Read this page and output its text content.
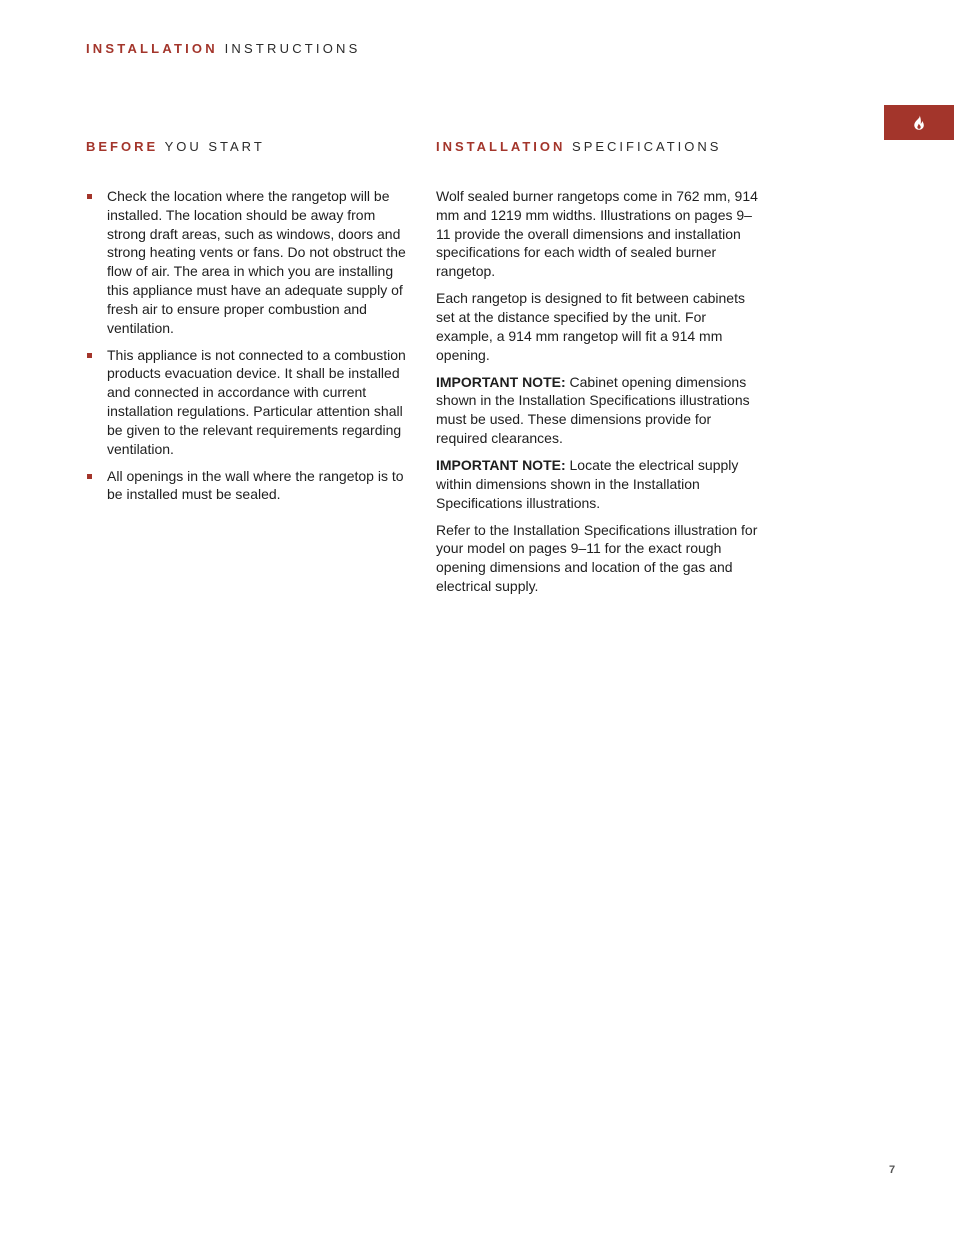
INSTALLATION INSTRUCTIONS
BEFORE YOU START
Check the location where the rangetop will be installed. The location should be away from strong draft areas, such as windows, doors and strong heating vents or fans. Do not obstruct the flow of air. The area in which you are installing this appliance must have an adequate supply of fresh air to ensure proper combustion and ventilation.
This appliance is not connected to a combustion products evacuation device. It shall be installed and connected in accordance with current installation regulations. Particular attention shall be given to the relevant requirements regarding ventilation.
All openings in the wall where the rangetop is to be installed must be sealed.
INSTALLATION SPECIFICATIONS

Wolf sealed burner rangetops come in 762 mm, 914 mm and 1219 mm widths. Illustrations on pages 9–11 provide the overall dimensions and installation specifications for each width of sealed burner rangetop.

Each rangetop is designed to fit between cabinets set at the distance specified by the unit. For example, a 914 mm rangetop will fit a 914 mm opening.

IMPORTANT NOTE: Cabinet opening dimensions shown in the Installation Specifications illustrations must be used. These dimensions provide for required clearances.

IMPORTANT NOTE: Locate the electrical supply within dimensions shown in the Installation Specifications illustrations.

Refer to the Installation Specifications illustration for your model on pages 9–11 for the exact rough opening dimensions and location of the gas and electrical supply.

7
